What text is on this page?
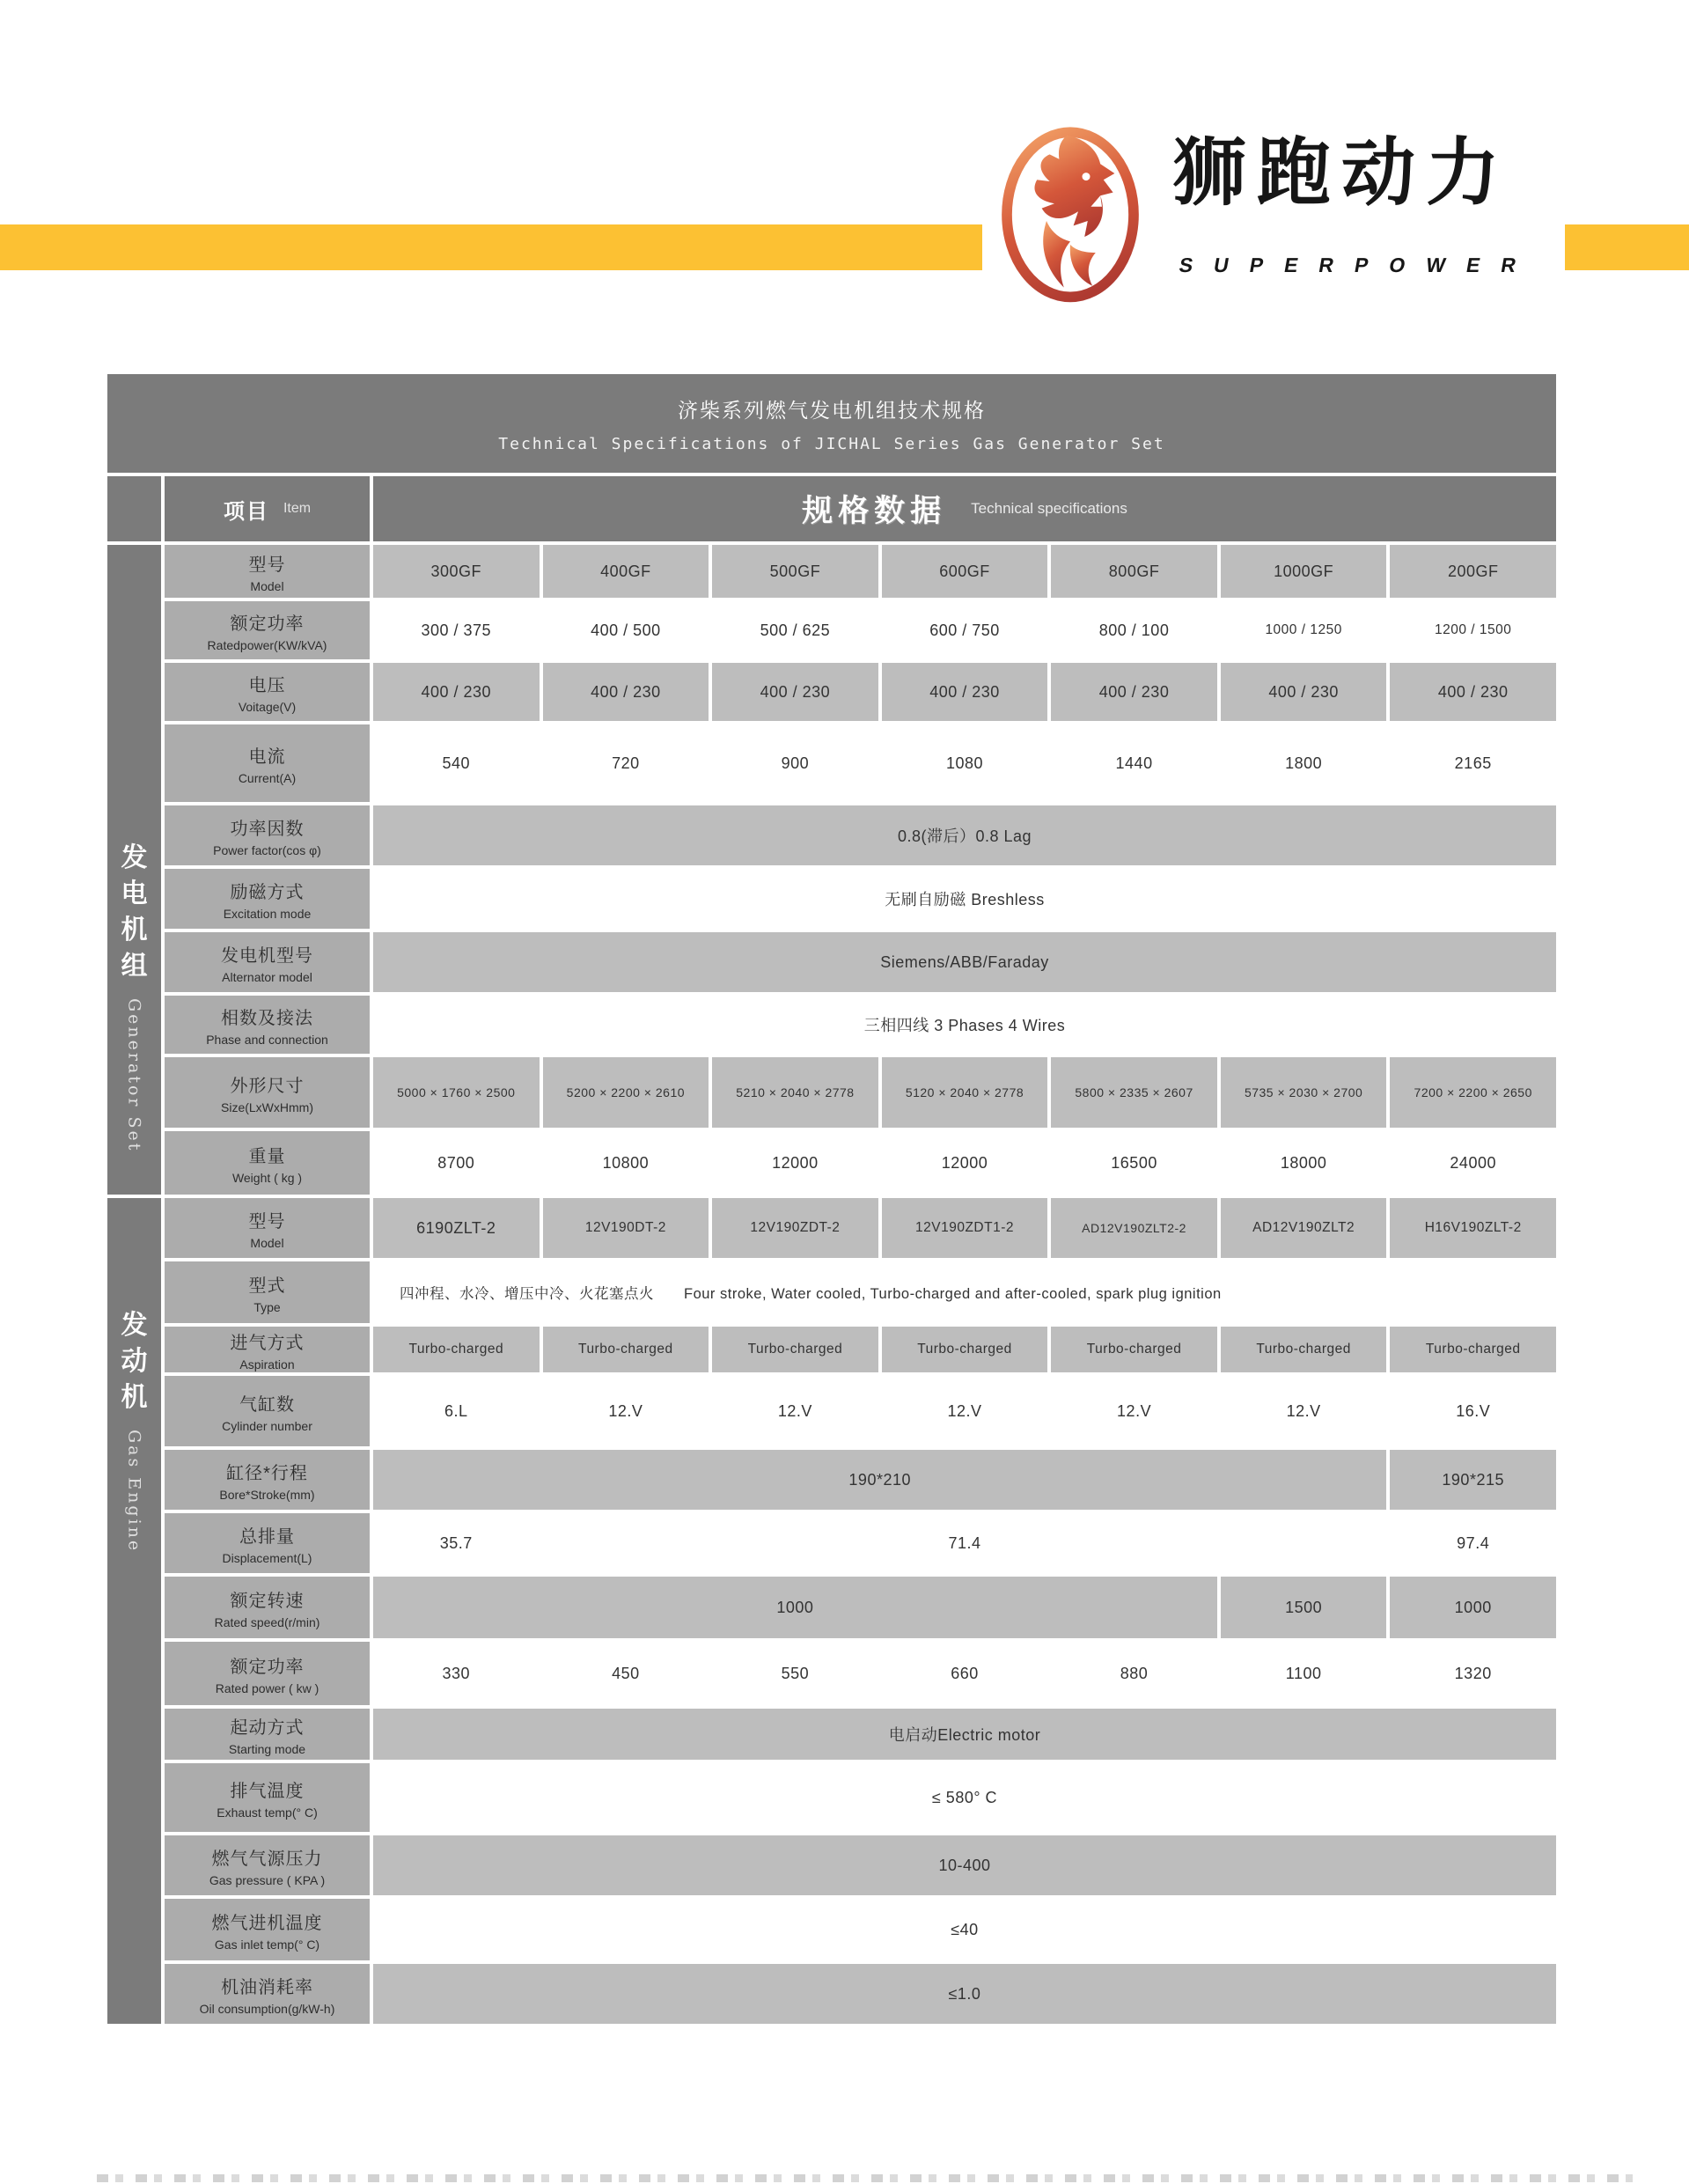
狮跑动力
SUPERPOWER
济柴系列燃气发电机组技术规格
Technical Specifications of JICHAL Series Gas Generator Set
项目 Item	规格数据 Technical specifications
发
电
机
组
Generator Set
型号
Model
300GF	400GF	500GF	600GF	800GF	1000GF	200GF
额定功率
Ratedpower(KW/kVA)
300 / 375	400 / 500	500 / 625	600 / 750	800 / 100	1000 / 1250	1200 / 1500
电压
Voitage(V)
400 / 230	400 / 230	400 / 230	400 / 230	400 / 230	400 / 230	400 / 230
电流
Current(A)
540	720	900	1080	1440	1800	2165
功率因数
Power factor(cos φ)
0.8(滞后）0.8 Lag
励磁方式
Excitation mode
无刷自励磁 Breshless
发电机型号
Alternator model
Siemens/ABB/Faraday
相数及接法
Phase and connection
三相四线 3 Phases 4 Wires
外形尺寸
Size(LxWxHmm)
5000 × 1760 × 2500	5200 × 2200 × 2610	5210 × 2040 × 2778	5120 × 2040 × 2778	5800 × 2335 × 2607	5735 × 2030 × 2700	7200 × 2200 × 2650
重量
Weight ( kg )
8700	10800	12000	12000	16500	18000	24000
发
动
机
Gas Engine
型号
Model
6190ZLT-2	12V190DT-2	12V190ZDT-2	12V190ZDT1-2	AD12V190ZLT2-2	AD12V190ZLT2	H16V190ZLT-2
型式
Type
四冲程、水冷、增压中冷、火花塞点火　　Four stroke, Water cooled, Turbo-charged and after-cooled, spark plug ignition
进气方式
Aspiration
Turbo-charged	Turbo-charged	Turbo-charged	Turbo-charged	Turbo-charged	Turbo-charged	Turbo-charged
气缸数
Cylinder number
6.L	12.V	12.V	12.V	12.V	12.V	16.V
缸径*行程
Bore*Stroke(mm)
190*210	190*215
总排量
Displacement(L)
35.7	71.4	97.4
额定转速
Rated speed(r/min)
1000	1500	1000
额定功率
Rated power ( kw )
330	450	550	660	880	1100	1320
起动方式
Starting mode
电启动Electric motor
排气温度
Exhaust temp(° C)
≤ 580° C
燃气气源压力
Gas pressure ( KPA )
10-400
燃气进机温度
Gas inlet temp(° C)
≤40
机油消耗率
Oil consumption(g/kW-h)
≤1.0
